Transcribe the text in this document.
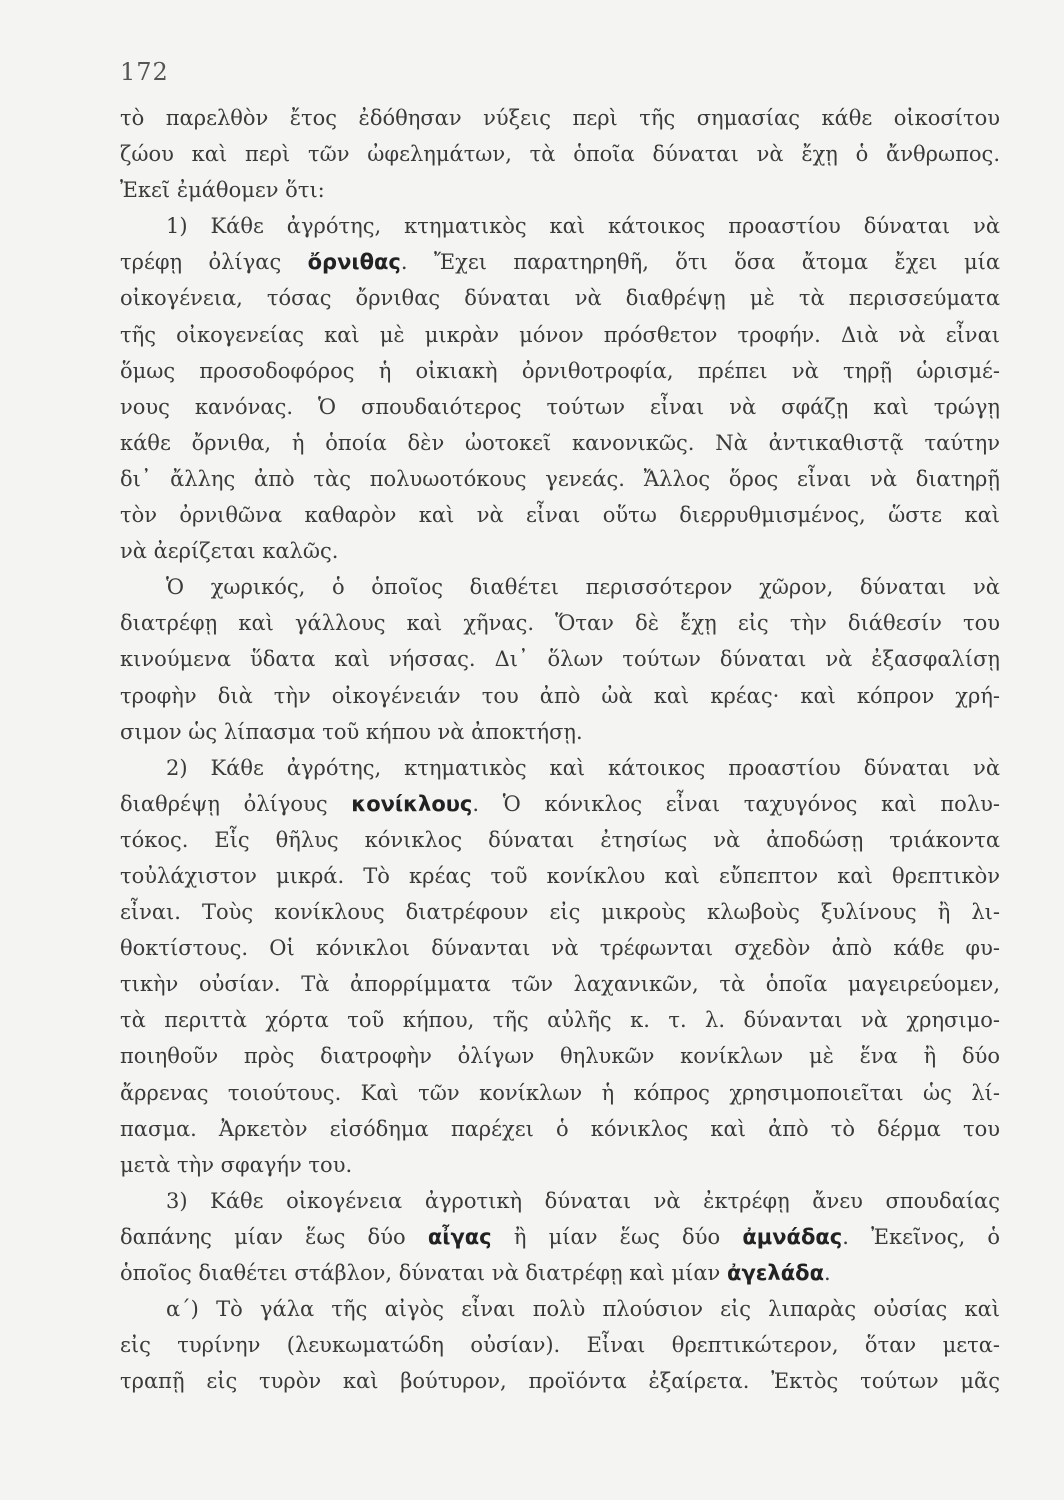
172
τὸ παρελθὸν ἔτος ἐδόθησαν νύξεις περὶ τῆς σημασίας κάθε οἰκοσίτου
ζώου καὶ περὶ τῶν ὠφελημάτων, τὰ ὁποῖα δύναται νὰ ἔχῃ ὁ ἄνθρωπος.
Ἐκεῖ ἐμάθομεν ὅτι:
1) Κάθε ἀγρότης, κτηματικὸς καὶ κάτοικος προαστίου δύναται νὰ
τρέφῃ ὀλίγας ὄρνιθας. Ἔχει παρατηρηθῆ, ὅτι ὅσα ἄτομα ἔχει μία
οἰκογένεια, τόσας ὄρνιθας δύναται νὰ διαθρέψῃ μὲ τὰ περισσεύματα
τῆς οἰκογενείας καὶ μὲ μικρὰν μόνον πρόσθετον τροφήν. Διὰ νὰ εἶναι
ὅμως προσοδοφόρος ἡ οἰκιακὴ ὀρνιθοτροφία, πρέπει νὰ τηρῇ ὡρισμέ-
νους κανόνας. Ὁ σπουδαιότερος τούτων εἶναι νὰ σφάζῃ καὶ τρώγῃ
κάθε ὄρνιθα, ἡ ὁποία δὲν ὠοτοκεῖ κανονικῶς. Νὰ ἀντικαθιστᾷ ταύτην
δι᾽ ἄλλης ἀπὸ τὰς πολυωοτόκους γενεάς. Ἄλλος ὅρος εἶναι νὰ διατηρῇ
τὸν ὀρνιθῶνα καθαρὸν καὶ νὰ εἶναι οὕτω διερρυθμισμένος, ὥστε καὶ
νὰ ἀερίζεται καλῶς.
Ὁ χωρικός, ὁ ὁποῖος διαθέτει περισσότερον χῶρον, δύναται νὰ
διατρέφῃ καὶ γάλλους καὶ χῆνας. Ὅταν δὲ ἔχῃ εἰς τὴν διάθεσίν του
κινούμενα ὕδατα καὶ νήσσας. Δι᾽ ὅλων τούτων δύναται νὰ ἐξασφαλίσῃ
τροφὴν διὰ τὴν οἰκογένειάν του ἀπὸ ὠὰ καὶ κρέας· καὶ κόπρον χρή-
σιμον ὡς λίπασμα τοῦ κήπου νὰ ἀποκτήσῃ.
2) Κάθε ἀγρότης, κτηματικὸς καὶ κάτοικος προαστίου δύναται νὰ
διαθρέψῃ ὀλίγους κονίκλους. Ὁ κόνικλος εἶναι ταχυγόνος καὶ πολυ-
τόκος. Εἷς θῆλυς κόνικλος δύναται ἐτησίως νὰ ἀποδώσῃ τριάκοντα
τοὐλάχιστον μικρά. Τὸ κρέας τοῦ κονίκλου καὶ εὔπεπτον καὶ θρεπτικὸν
εἶναι. Τοὺς κονίκλους διατρέφουν εἰς μικροὺς κλωβοὺς ξυλίνους ἢ λι-
θοκτίστους. Οἱ κόνικλοι δύνανται νὰ τρέφωνται σχεδὸν ἀπὸ κάθε φυ-
τικὴν οὐσίαν. Τὰ ἀπορρίμματα τῶν λαχανικῶν, τὰ ὁποῖα μαγειρεύομεν,
τὰ περιττὰ χόρτα τοῦ κήπου, τῆς αὐλῆς κ. τ. λ. δύνανται νὰ χρησιμο-
ποιηθοῦν πρὸς διατροφὴν ὀλίγων θηλυκῶν κονίκλων μὲ ἕνα ἢ δύο
ἄρρενας τοιούτους. Καὶ τῶν κονίκλων ἡ κόπρος χρησιμοποιεῖται ὡς λί-
πασμα. Ἀρκετὸν εἰσόδημα παρέχει ὁ κόνικλος καὶ ἀπὸ τὸ δέρμα του
μετὰ τὴν σφαγήν του.
3) Κάθε οἰκογένεια ἀγροτικὴ δύναται νὰ ἐκτρέφῃ ἄνευ σπουδαίας
δαπάνης μίαν ἕως δύο αἶγας ἢ μίαν ἕως δύο ἀμνάδας. Ἐκεῖνος, ὁ
ὁποῖος διαθέτει στάβλον, δύναται νὰ διατρέφῃ καὶ μίαν ἀγελάδα.
α΄) Τὸ γάλα τῆς αἰγὸς εἶναι πολὺ πλούσιον εἰς λιπαρὰς οὐσίας καὶ
εἰς τυρίνην (λευκωματώδη οὐσίαν). Εἶναι θρεπτικώτερον, ὅταν μετα-
τραπῇ εἰς τυρὸν καὶ βούτυρον, προϊόντα ἐξαίρετα. Ἐκτὸς τούτων μᾶς
